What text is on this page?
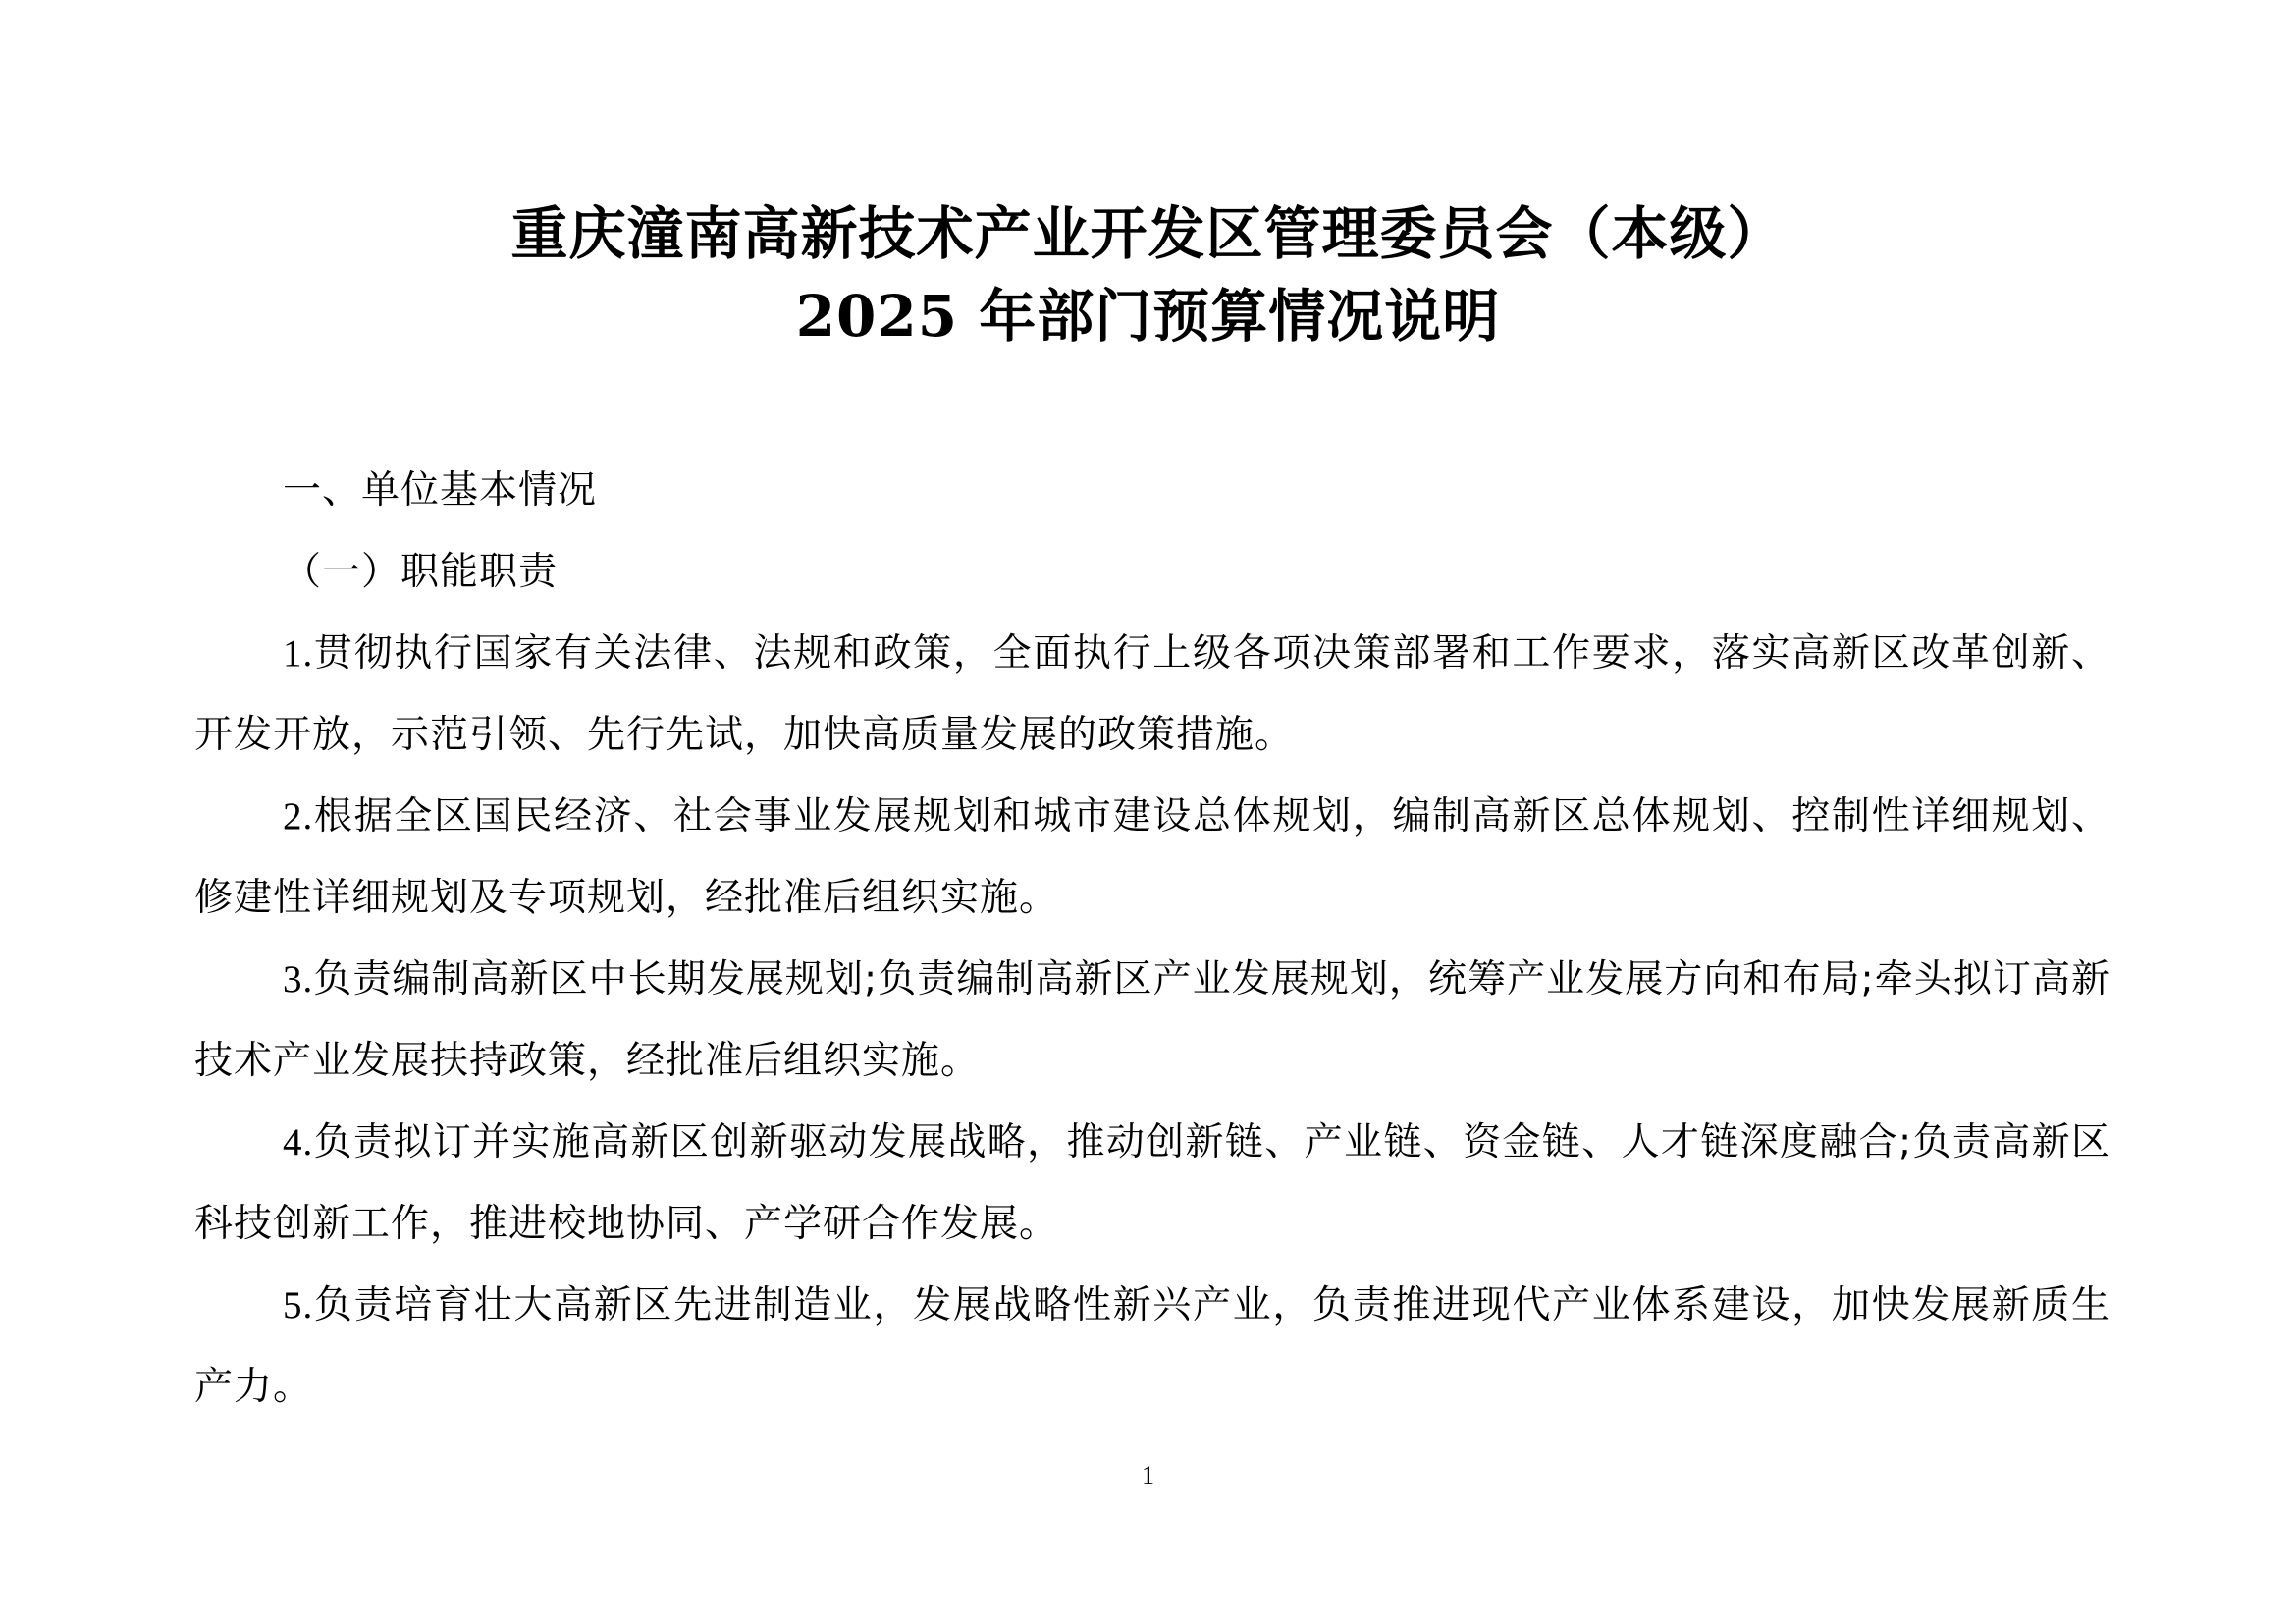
重庆潼南高新技术产业开发区管理委员会（本级）
2025 年部门预算情况说明
一、单位基本情况
（一）职能职责

1.贯彻执行国家有关法律、法规和政策，全面执行上级各项决策部署和工作要求，落实高新区改革创新、开发开放，示范引领、先行先试，加快高质量发展的政策措施。

2.根据全区国民经济、社会事业发展规划和城市建设总体规划，编制高新区总体规划、控制性详细规划、修建性详细规划及专项规划，经批准后组织实施。

3.负责编制高新区中长期发展规划;负责编制高新区产业发展规划，统筹产业发展方向和布局;牵头拟订高新技术产业发展扶持政策，经批准后组织实施。

4.负责拟订并实施高新区创新驱动发展战略，推动创新链、产业链、资金链、人才链深度融合;负责高新区科技创新工作，推进校地协同、产学研合作发展。

5.负责培育壮大高新区先进制造业，发展战略性新兴产业，负责推进现代产业体系建设，加快发展新质生产力。

1
